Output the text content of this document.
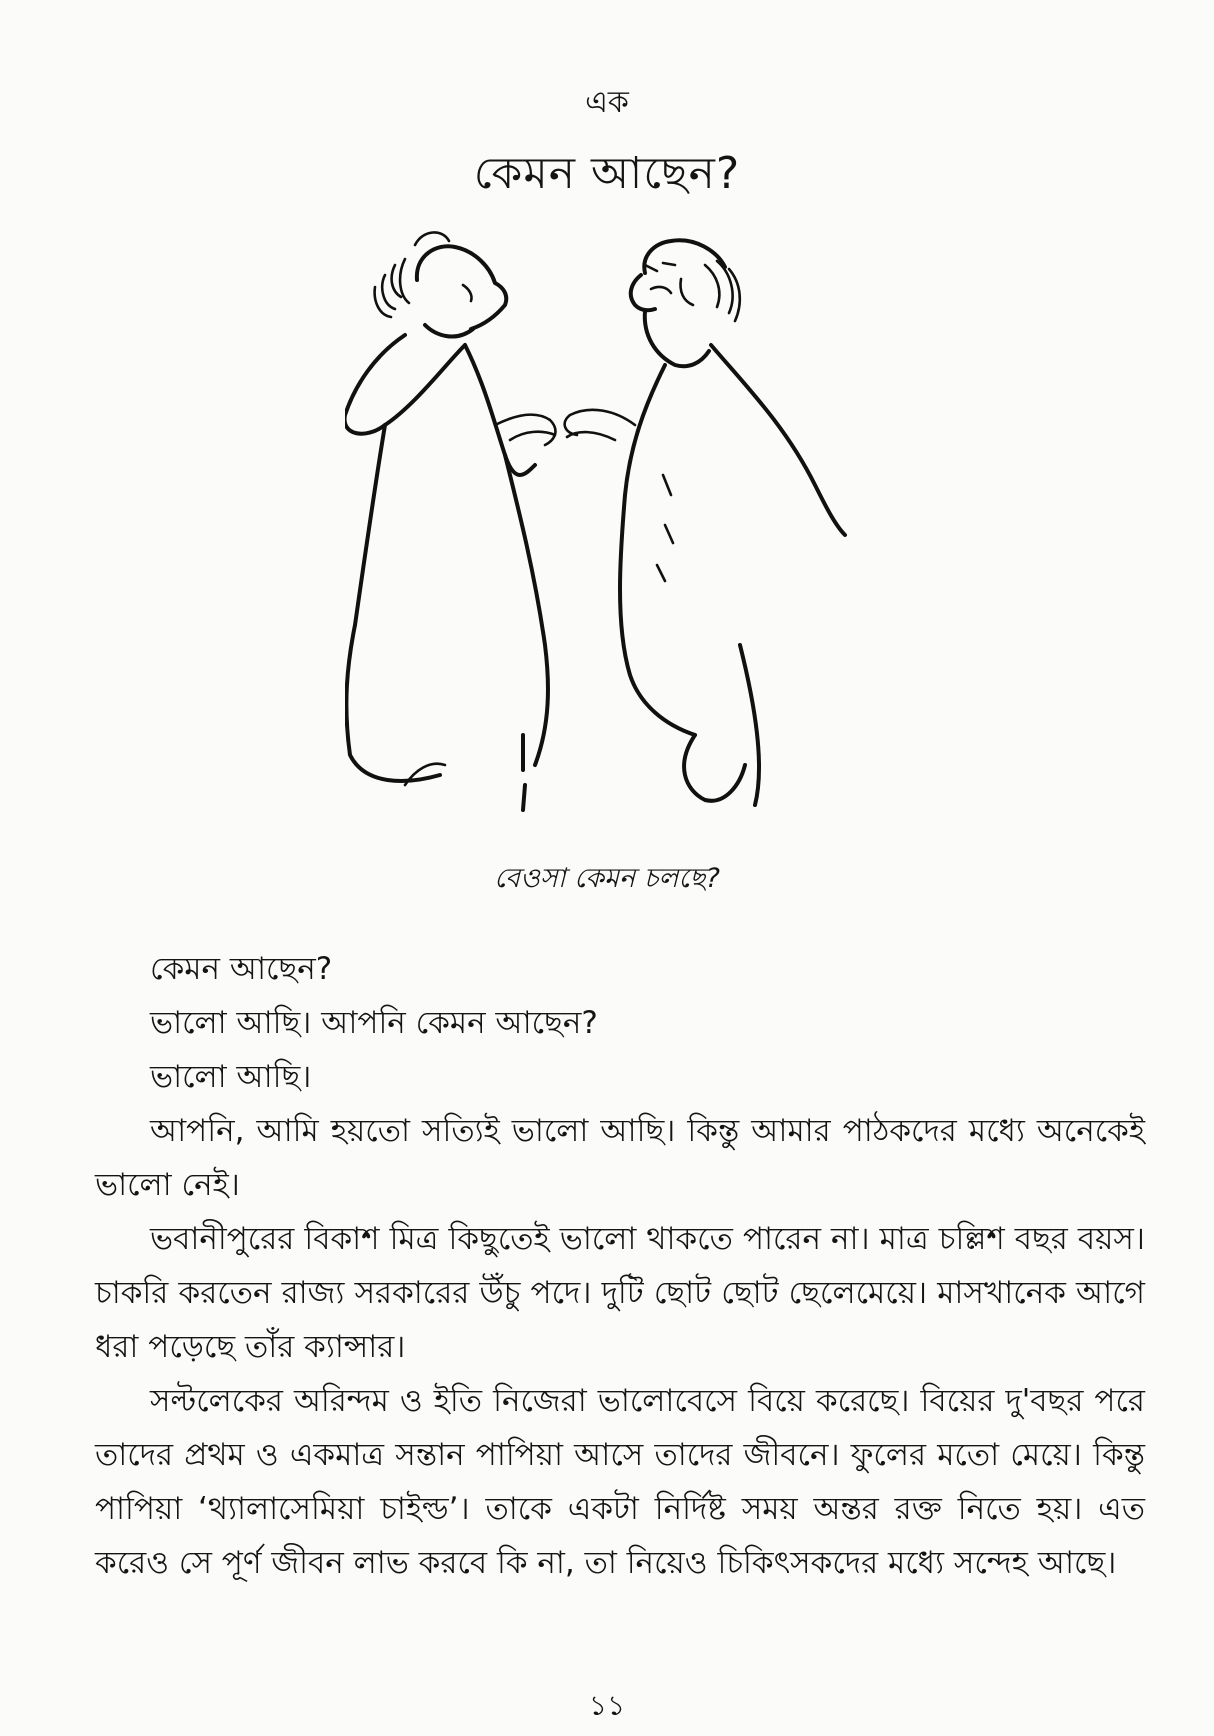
এক
কেমন আছেন?
বেওসা কেমন চলছে?
কেমন আছেন?
ভালো আছি। আপনি কেমন আছেন?
ভালো আছি।

আপনি, আমি হয়তো সত্যিই ভালো আছি। কিন্তু আমার পাঠকদের মধ্যে অনেকেই ভালো নেই।

ভবানীপুরের বিকাশ মিত্র কিছুতেই ভালো থাকতে পারেন না। মাত্র চল্লিশ বছর বয়স। চাকরি করতেন রাজ্য সরকারের উঁচু পদে। দুটি ছোট ছোট ছেলেমেয়ে। মাসখানেক আগে ধরা পড়েছে তাঁর ক্যান্সার।

সল্টলেকের অরিন্দম ও ইতি নিজেরা ভালোবেসে বিয়ে করেছে। বিয়ের দু'বছর পরে তাদের প্রথম ও একমাত্র সন্তান পাপিয়া আসে তাদের জীবনে। ফুলের মতো মেয়ে। কিন্তু পাপিয়া ‘থ্যালাসেমিয়া চাইল্ড’। তাকে একটা নির্দিষ্ট সময় অন্তর রক্ত নিতে হয়। এত করেও সে পূর্ণ জীবন লাভ করবে কি না, তা নিয়েও চিকিৎসকদের মধ্যে সন্দেহ আছে।

১১
